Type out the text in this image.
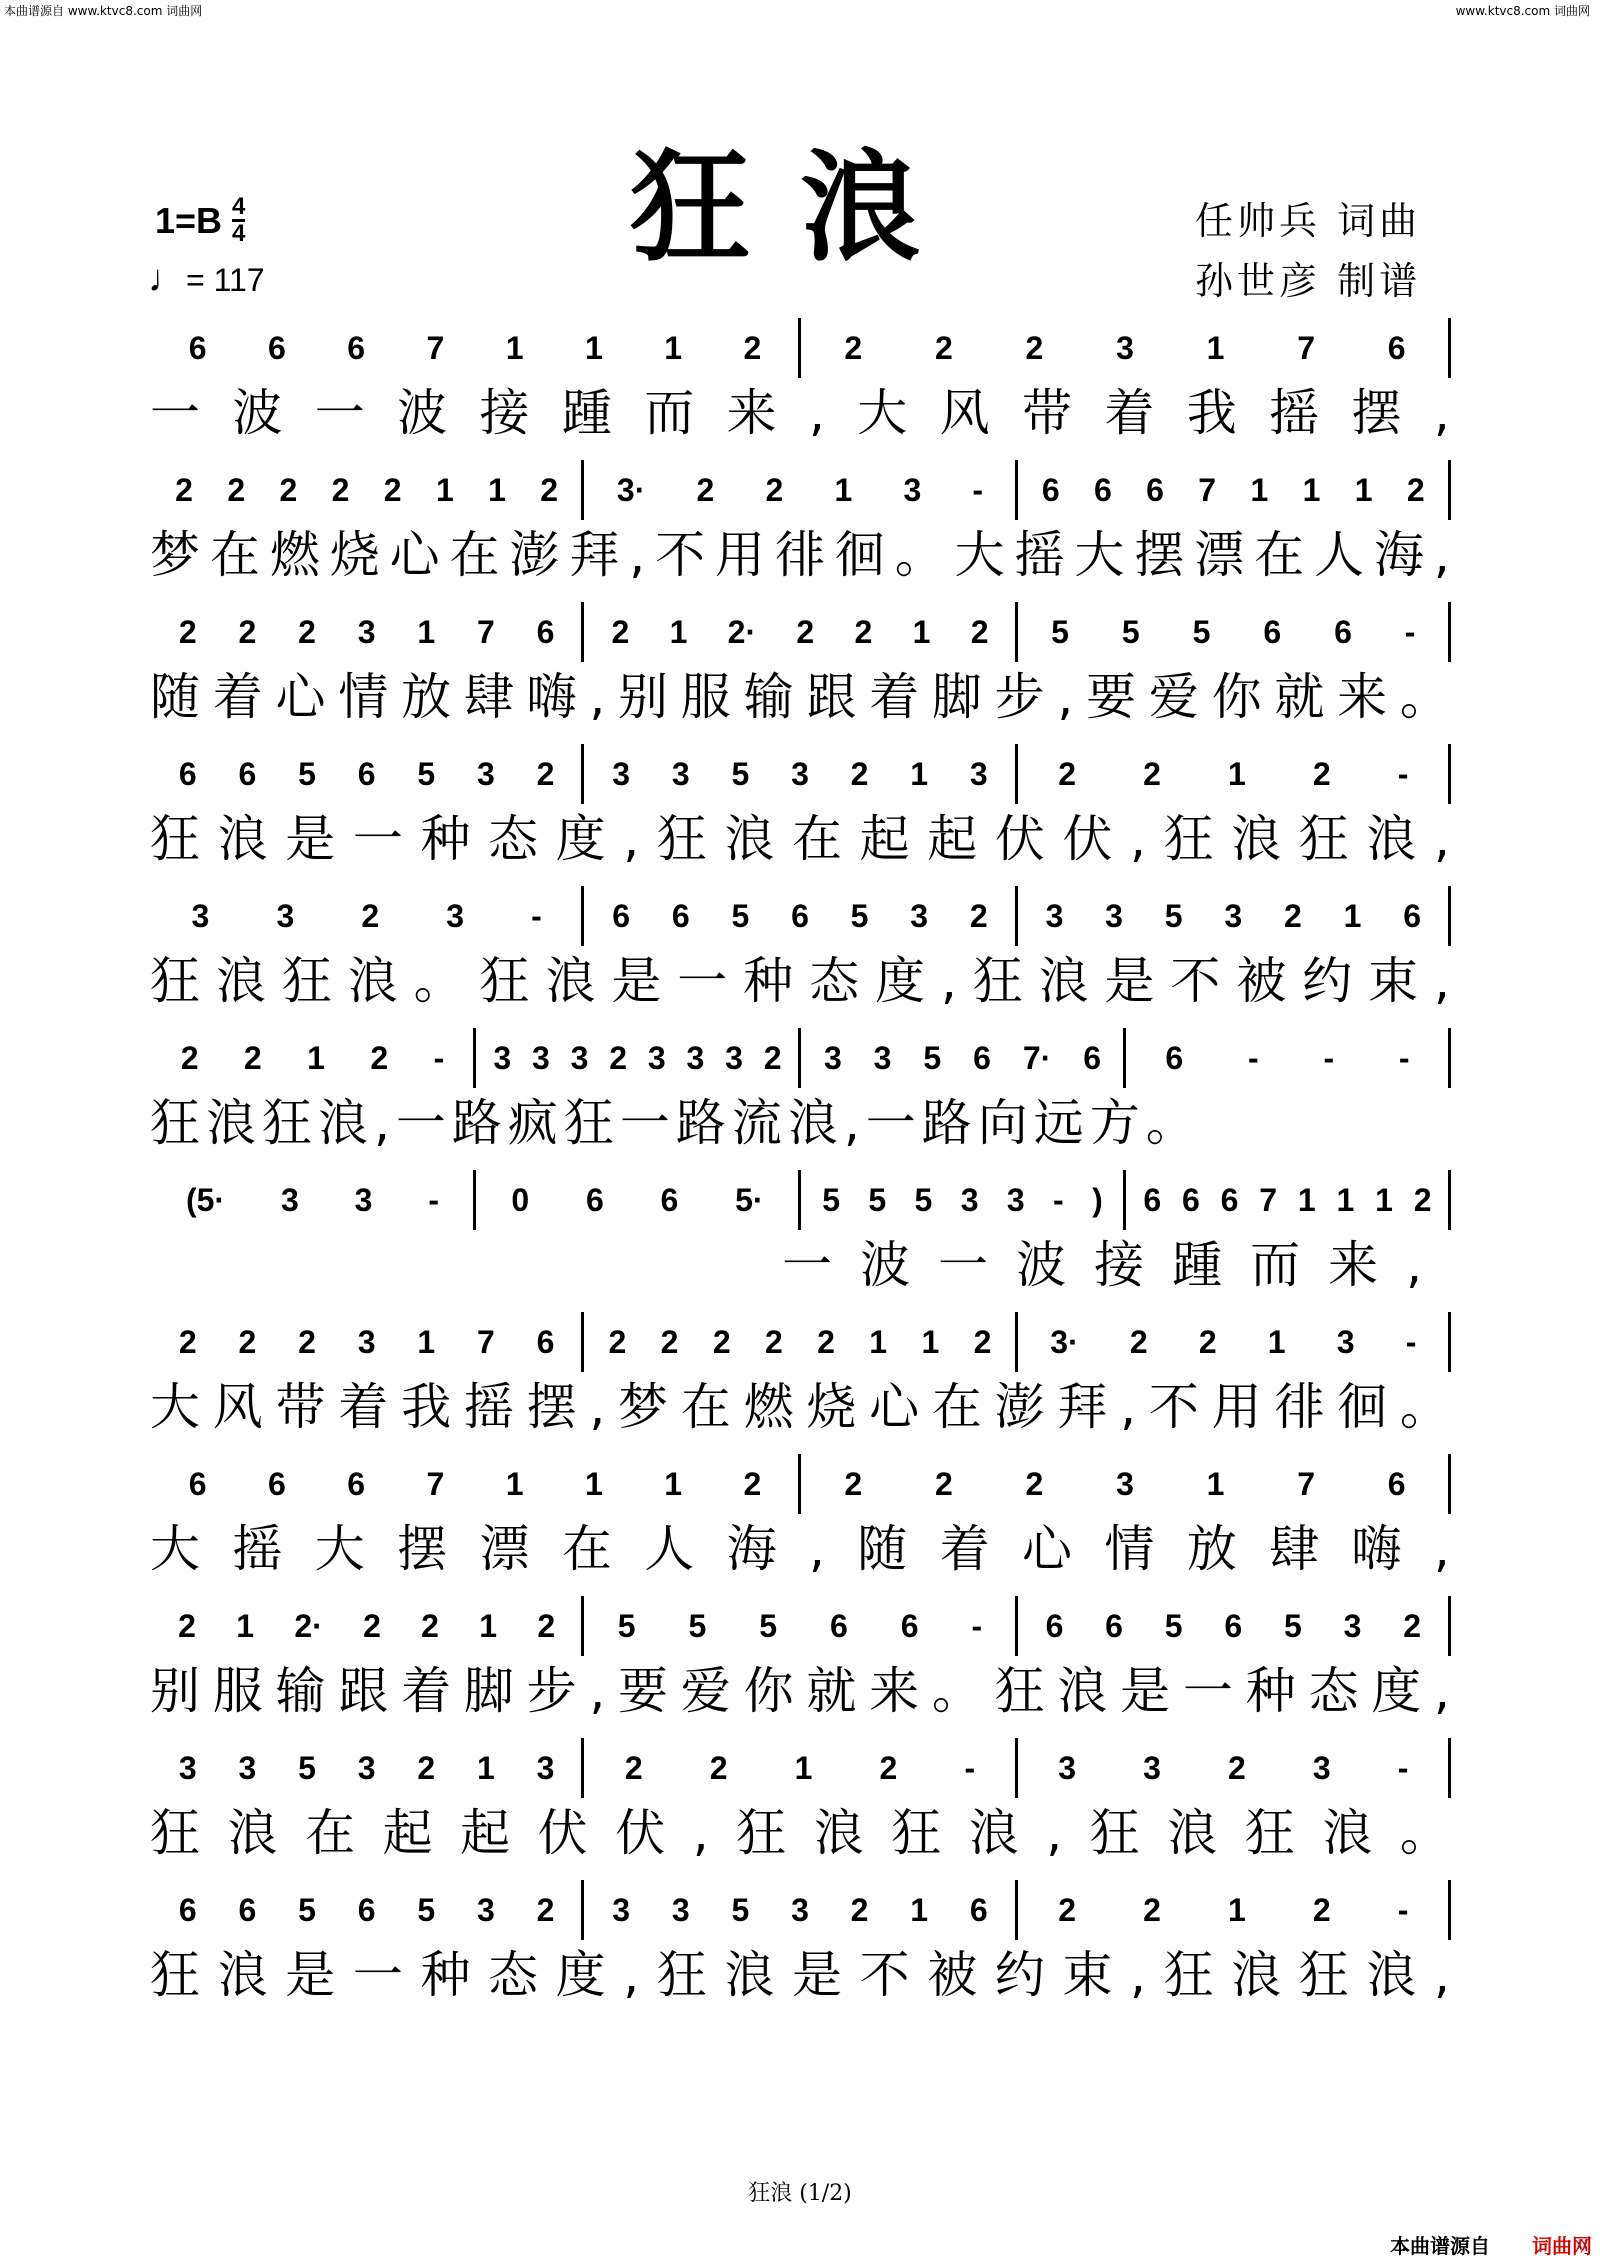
本曲谱源自 www.ktvc8.com 词曲网	www.ktvc8.com 词曲网
狂浪
$1=B \frac{4}{4}$
♩= 117
任帅兵 词曲
孙世彦 制谱
6 6 6 7 1 1 1 2	2 2 2 3 1 7 6
一 波 一 波 接 踵 而 来 , 大 风 带 着 我 摇 摆 ,
2 2 2 2 2 1 1 2 3· 2 2 1 3 - 6 6 6 7 1 1 1 2
梦 在 燃 烧 心 在 澎 拜 , 不 用 徘 徊 。 大 摇 大 摆 漂 在 人 海 ,
2 2 2 3 1 7 6 2 1 2· 2 2 1 2 5 5 5 6 6 -
随 着 心 情 放 肆 嗨 , 别 服 输 跟 着 脚 步 , 要 爱 你 就 来 。
6 6 5 6 5 3 2 3 3 5 3 2 1 3 2 2 1 2 -
狂 浪 是 一 种 态 度 , 狂 浪 在 起 起 伏 伏 , 狂 浪 狂 浪 ,
3 3 2 3 - 6 6 5 6 5 3 2 3 3 5 3 2 1 6
狂 浪 狂 浪 。 狂 浪 是 一 种 态 度 , 狂 浪 是 不 被 约 束 ,
2 2 1 2 - 3 3 3 2 3 3 3 2 3 3 5 6 7· 6 6 - - -
狂浪狂浪,一路疯狂一路流浪,一路向远方。
(5· 3 3 - 0 6 6 5· 5 5 5 3 3 - ) 6 6 6 7 1 1 1 2
一波一波接踵而来,
2 2 2 3 1 7 6 2 2 2 2 2 1 1 2 3· 2 2 1 3 -
大 风 带 着 我 摇 摆 , 梦 在 燃 烧 心 在 澎 拜 , 不 用 徘 徊 。
6 6 6 7 1 1 1 2	2 2 2 3 1 7 6
大 摇 大 摆 漂 在 人 海 , 随 着 心 情 放 肆 嗨 ,
2 1 2· 2 2 1 2 5 5 5 6 6 - 6 6 5 6 5 3 2
别 服 输 跟 着 脚 步 , 要 爱 你 就 来 。 狂 浪 是 一 种 态 度 ,
3 3 5 3 2 1 3 2 2 1 2 -	3 3 2 3 -
狂 浪 在 起 起 伏 伏 , 狂 浪 狂 浪 , 狂 浪 狂 浪 。
6 6 5 6 5 3 2 3 3 5 3 2 1 6 2 2 1 2 -
狂 浪 是 一 种 态 度 , 狂 浪 是 不 被 约 束 , 狂 浪 狂 浪 ,
狂浪 (1/2)
本曲谱源自 词曲网
